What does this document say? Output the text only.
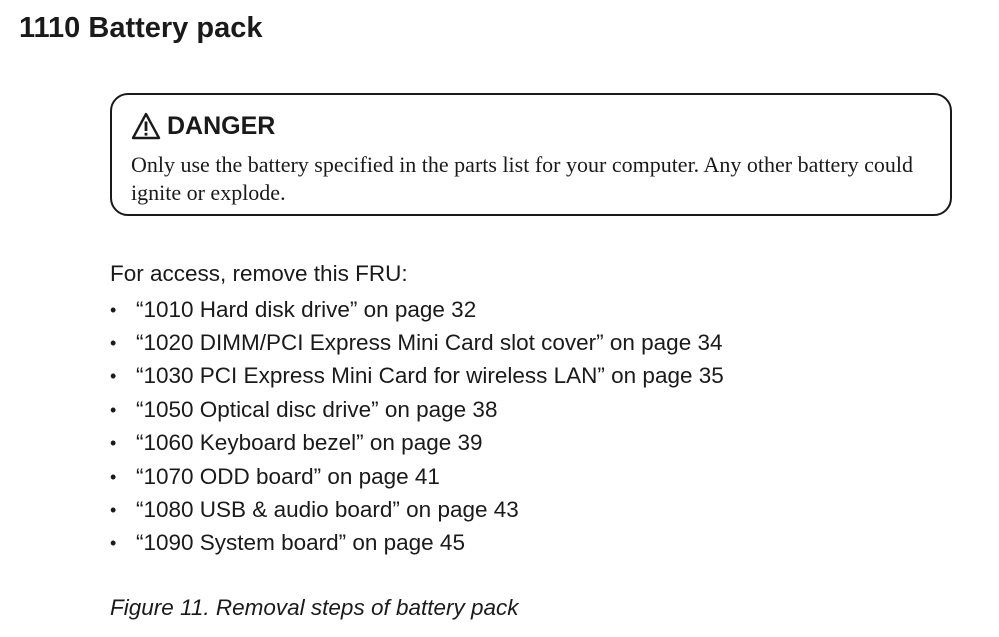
1110 Battery pack
DANGER

Only use the battery specified in the parts list for your computer. Any other battery could ignite or explode.

For access, remove this FRU:

• “1010 Hard disk drive” on page 32
• “1020 DIMM/PCI Express Mini Card slot cover” on page 34
• “1030 PCI Express Mini Card for wireless LAN” on page 35
• “1050 Optical disc drive” on page 38
• “1060 Keyboard bezel” on page 39
• “1070 ODD board” on page 41
• “1080 USB & audio board” on page 43
• “1090 System board” on page 45

Figure 11. Removal steps of battery pack
